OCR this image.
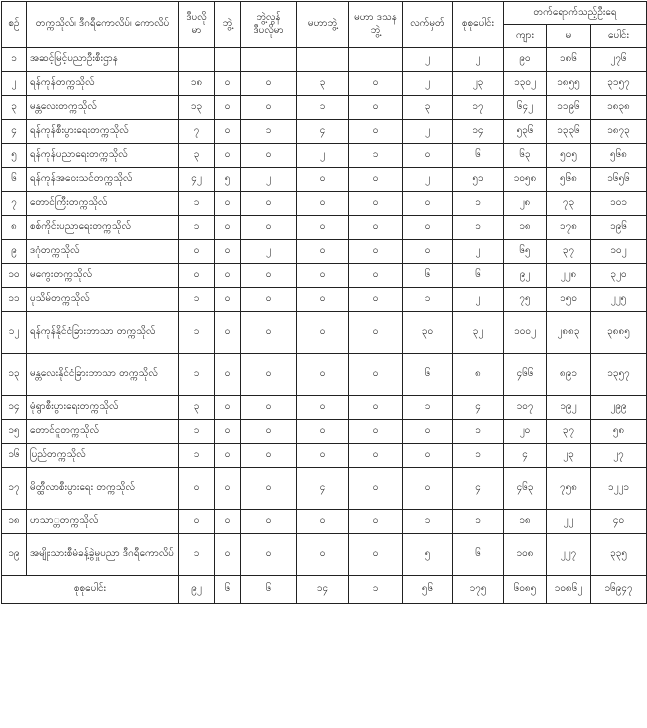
စဉ်	တက္ကသိုလ်၊ ဒီဂရီကောလိပ်၊ ကောလိပ်	ဒီပလို မာ	ဘွဲ့	ဘွဲ့လွန် ဒီပလိုမာ	မဟာဘွဲ့	မဟာ ဒသနဘွဲ့	လက်မှတ်	စုစုပေါင်း	တက်ရောက်သည့်ဦးရေ		
									ကျား	မ	ပေါင်း
၁	အဆင့်မြင့်ပညာဦးစီးဌာန						၂	၂	၉၀	၁၈၆	၂၇၆
၂	ရန်ကုန်တက္ကသိုလ်	၁၈	၀	၀	၃	၀	၂	၂၃	၁၃၀၂	၁၈၅၅	၃၁၅၇
၃	မန္တလေးတက္ကသိုလ်	၁၃	၀	၀	၁	၀	၃	၁၇	၆၄၂	၁၁၉၆	၁၈၃၈
၄	ရန်ကုန်စီးပွားရေးတက္ကသိုလ်	၇	၀	၁	၄	၀	၂	၁၄	၅၃၆	၁၃၃၆	၁၈၇၃
၅	ရန်ကုန်ပညာရေးတက္ကသိုလ်	၃	၀	၀	၂	၁	၀	၆	၆၃	၅၀၅	၅၆၈
၆	ရန်ကုန်အဝေးသင်တက္ကသိုလ်	၄၂	၅	၂	၀	၀	၂	၅၁	၁၀၅၈	၅၆၈	၁၆၅၆
၇	တောင်ကြီးတက္ကသိုလ်	၁	၀	၀	၀	၀	၀	၁	၂၈	၇၃	၁၀၁
၈	စစ်ကိုင်းပညာရေးတက္ကသိုလ်	၁	၀	၀	၀	၀	၀	၁	၁၈	၁၇၈	၁၉၆
၉	ဒဂုံတက္ကသိုလ်	၀	၀	၂	၀	၀	၀	၂	၆၅	၃၇	၁၀၂
၁၀	မကွေးတက္ကသိုလ်	၀	၀	၀	၀	၀	၆	၆	၉၂	၂၂၈	၃၂၀
၁၁	ပုသိမ်တက္ကသိုလ်	၁	၀	၀	၀	၀	၁	၂	၇၅	၁၅၀	၂၂၅
၁၂	ရန်ကုန်နိုင်ငံခြားဘာသာ တက္ကသိုလ်	၁	၀	၀	၀	၀	၃၀	၃၂	၁၀၀၂	၂၈၈၃	၃၈၈၅
၁၃	မန္တလေးနိုင်ငံခြားဘာသာ တက္ကသိုလ်	၁	၀	၀	၀	၀	၆	၈	၄၆၆	၈၉၁	၁၃၅၇
၁၄	မုံရွာစီးပွားရေးတက္ကသိုလ်	၃	၀	၀	၀	၀	၁	၄	၁၀၇	၁၉၂	၂၉၉
၁၅	တောင်ငူတက္ကသိုလ်	၁	၀	၀	၀	၀	၀	၁	၂၀	၃၇	၅၈
၁၆	ပြည်တက္ကသိုလ်	၁	၀	၀	၀	၀	၀	၁	၄	၂၃	၂၇
၁၇	မိတ္ထီလာစီးပွားရေး တက္ကသိုလ်	၀	၀	၀	၄	၀	၀	၄	၄၆၃	၇၅၈	၁၂၂၁
၁၈	ဟသာ္တတက္ကသိုလ်	၀	၀	၀	၀	၀	၁	၁	၁၈	၂၂	၄၀
၁၉	အမျိုးသားစီမံခန့်ခွဲမှုပညာ ဒီဂရီကောလိပ်	၁	၀	၀	၀	၀	၅	၆	၁၀၈	၂၂၇	၃၃၅
စုစုပေါင်း		၉၂	၆	၆	၁၄	၁	၅၆	၁၇၅	၆၀၈၅	၁၀၈၆၂	၁၆၉၄၇
